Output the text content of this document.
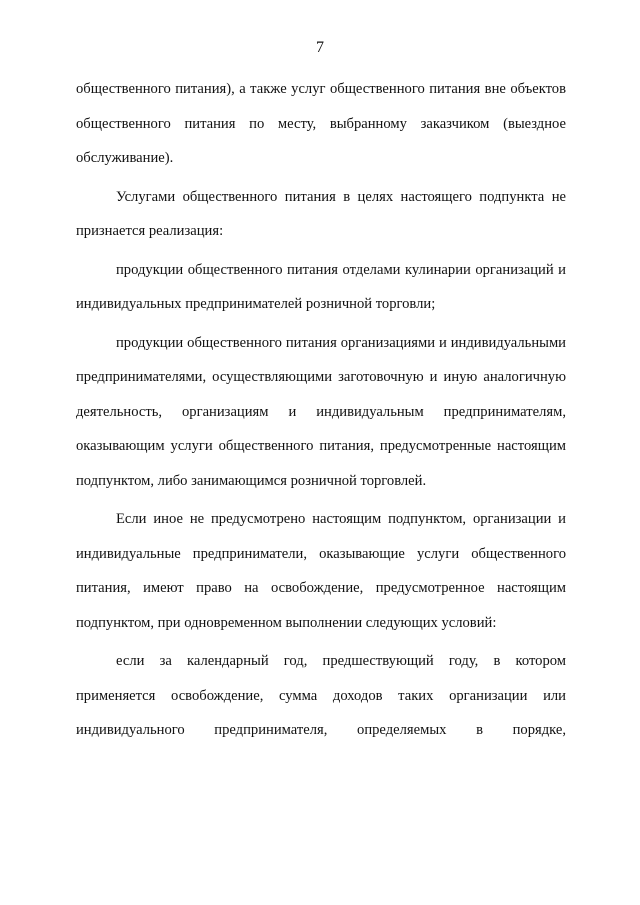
7

общественного питания), а также услуг общественного питания вне объектов общественного питания по месту, выбранному заказчиком (выездное обслуживание).

Услугами общественного питания в целях настоящего подпункта не признается реализация:

продукции общественного питания отделами кулинарии организаций и индивидуальных предпринимателей розничной торговли;

продукции общественного питания организациями и индивидуальными предпринимателями, осуществляющими заготовочную и иную аналогичную деятельность, организациям и индивидуальным предпринимателям, оказывающим услуги общественного питания, предусмотренные настоящим подпунктом, либо занимающимся розничной торговлей.

Если иное не предусмотрено настоящим подпунктом, организации и индивидуальные предприниматели, оказывающие услуги общественного питания, имеют право на освобождение, предусмотренное настоящим подпунктом, при одновременном выполнении следующих условий:

если за календарный год, предшествующий году, в котором применяется освобождение, сумма доходов таких организации или индивидуального предпринимателя, определяемых в порядке,
